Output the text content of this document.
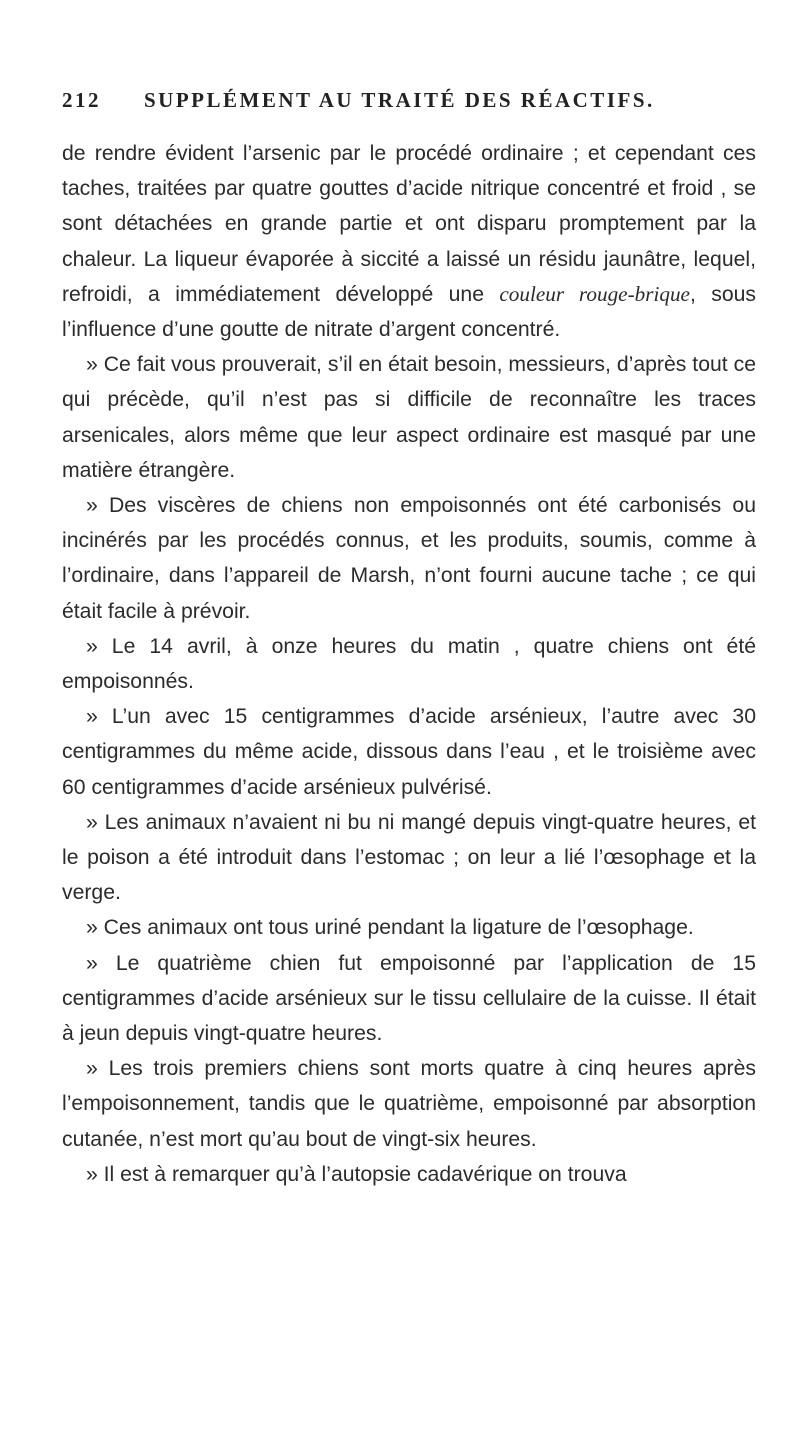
212 SUPPLÉMENT AU TRAITÉ DES RÉACTIFS.

de rendre évident l’arsenic par le procédé ordinaire ; et cependant ces taches, traitées par quatre gouttes d’acide nitrique concentré et froid , se sont détachées en grande partie et ont disparu promptement par la chaleur. La liqueur évaporée à siccité a laissé un résidu jaunâtre, lequel, refroidi, a immédiatement développé une couleur rouge-brique, sous l’influence d’une goutte de nitrate d’argent concentré.

» Ce fait vous prouverait, s’il en était besoin, messieurs, d’après tout ce qui précède, qu’il n’est pas si difficile de reconnaître les traces arsenicales, alors même que leur aspect ordinaire est masqué par une matière étrangère.

» Des viscères de chiens non empoisonnés ont été carbonisés ou incinérés par les procédés connus, et les produits, soumis, comme à l’ordinaire, dans l’appareil de Marsh, n’ont fourni aucune tache ; ce qui était facile à prévoir.

» Le 14 avril, à onze heures du matin , quatre chiens ont été empoisonnés.

» L’un avec 15 centigrammes d’acide arsénieux, l’autre avec 30 centigrammes du même acide, dissous dans l’eau , et le troisième avec 60 centigrammes d’acide arsénieux pulvérisé.

» Les animaux n’avaient ni bu ni mangé depuis vingt-quatre heures, et le poison a été introduit dans l’estomac ; on leur a lié l’œsophage et la verge.

» Ces animaux ont tous uriné pendant la ligature de l’œsophage.

» Le quatrième chien fut empoisonné par l’application de 15 centigrammes d’acide arsénieux sur le tissu cellulaire de la cuisse. Il était à jeun depuis vingt-quatre heures.

» Les trois premiers chiens sont morts quatre à cinq heures après l’empoisonnement, tandis que le quatrième, empoisonné par absorption cutanée, n’est mort qu’au bout de vingt-six heures.

» Il est à remarquer qu’à l’autopsie cadavérique on trouva
